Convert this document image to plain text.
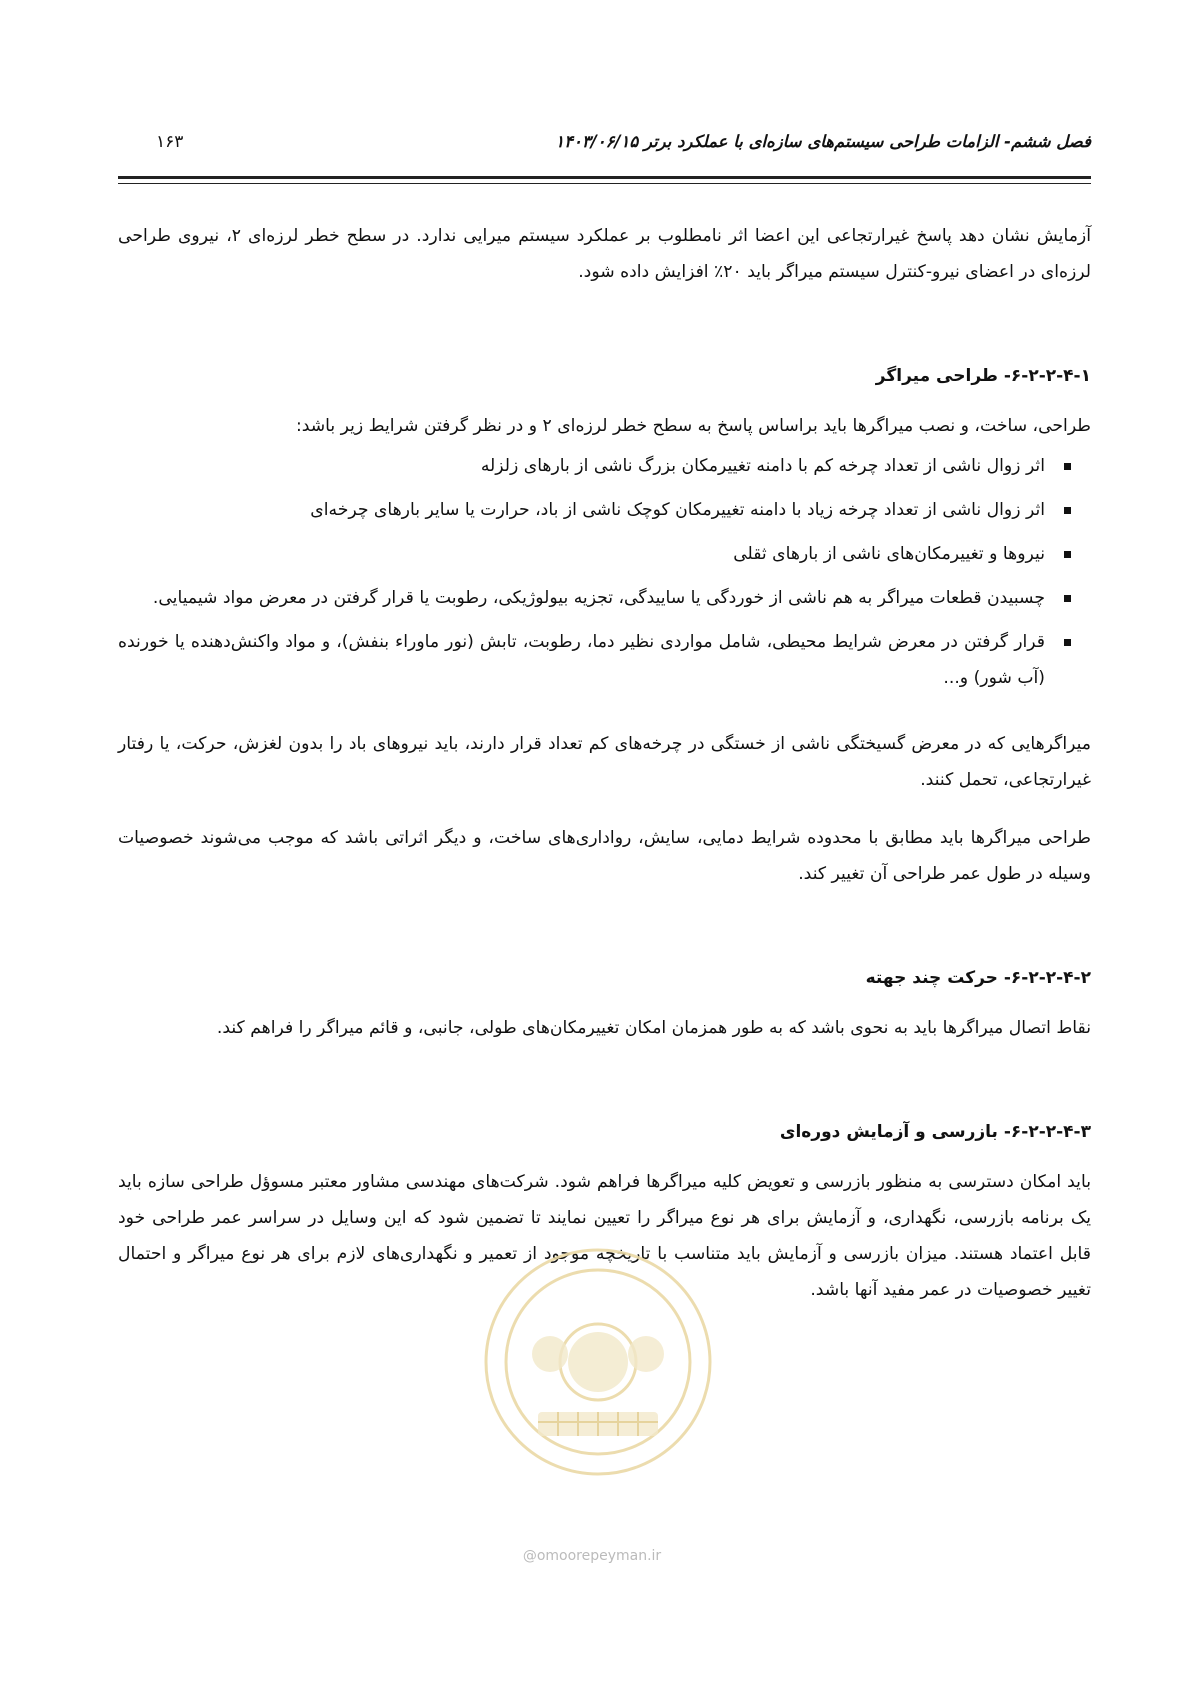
فصل ششم- الزامات طراحی سیستم‌های سازه‌ای با عملکرد برتر ۱۴۰۳/۰۶/۱۵
۱۶۳

آزمایش نشان دهد پاسخ غیرارتجاعی این اعضا اثر نامطلوب بر عملکرد سیستم میرایی ندارد. در سطح خطر لرزه‌ای ۲، نیروی طراحی لرزه‌ای در اعضای نیرو-کنترل سیستم میراگر باید ۲۰٪ افزایش داده شود.

۶-۲-۲-۴-۱- طراحی میراگر

طراحی، ساخت، و نصب میراگرها باید براساس پاسخ به سطح خطر لرزه‌ای ۲ و در نظر گرفتن شرایط زیر باشد:

اثر زوال ناشی از تعداد چرخه کم با دامنه تغییرمکان بزرگ ناشی از بارهای زلزله
اثر زوال ناشی از تعداد چرخه زیاد با دامنه تغییرمکان کوچک ناشی از باد، حرارت یا سایر بارهای چرخه‌ای
نیروها و تغییرمکان‌های ناشی از بارهای ثقلی
چسبیدن قطعات میراگر به هم ناشی از خوردگی یا ساییدگی، تجزیه بیولوژیکی، رطوبت یا قرار گرفتن در معرض مواد شیمیایی.
قرار گرفتن در معرض شرایط محیطی، شامل مواردی نظیر دما، رطوبت، تابش (نور ماوراء بنفش)، و مواد واکنش‌دهنده یا خورنده (آب شور) و...

میراگرهایی که در معرض گسیختگی ناشی از خستگی در چرخه‌های کم تعداد قرار دارند، باید نیروهای باد را بدون لغزش، حرکت، یا رفتار غیرارتجاعی، تحمل کنند.

طراحی میراگرها باید مطابق با محدوده شرایط دمایی، سایش، رواداری‌های ساخت، و دیگر اثراتی باشد که موجب می‌شوند خصوصیات وسیله در طول عمر طراحی آن تغییر کند.

۶-۲-۲-۴-۲- حرکت چند جهته

نقاط اتصال میراگرها باید به نحوی باشد که به طور همزمان امکان تغییرمکان‌های طولی، جانبی، و قائم میراگر را فراهم کند.

۶-۲-۲-۴-۳- بازرسی و آزمایش دوره‌ای

باید امکان دسترسی به منظور بازرسی و تعویض کلیه میراگرها فراهم شود. شرکت‌های مهندسی مشاور معتبر مسوؤل طراحی سازه باید یک برنامه بازرسی، نگهداری، و آزمایش برای هر نوع میراگر را تعیین نمایند تا تضمین شود که این وسایل در سراسر عمر طراحی خود قابل اعتماد هستند. میزان بازرسی و آزمایش باید متناسب با تاریخچه موجود از تعمیر و نگهداری‌های لازم برای هر نوع میراگر و احتمال تغییر خصوصیات در عمر مفید آنها باشد.

@omoorepeyman.ir
